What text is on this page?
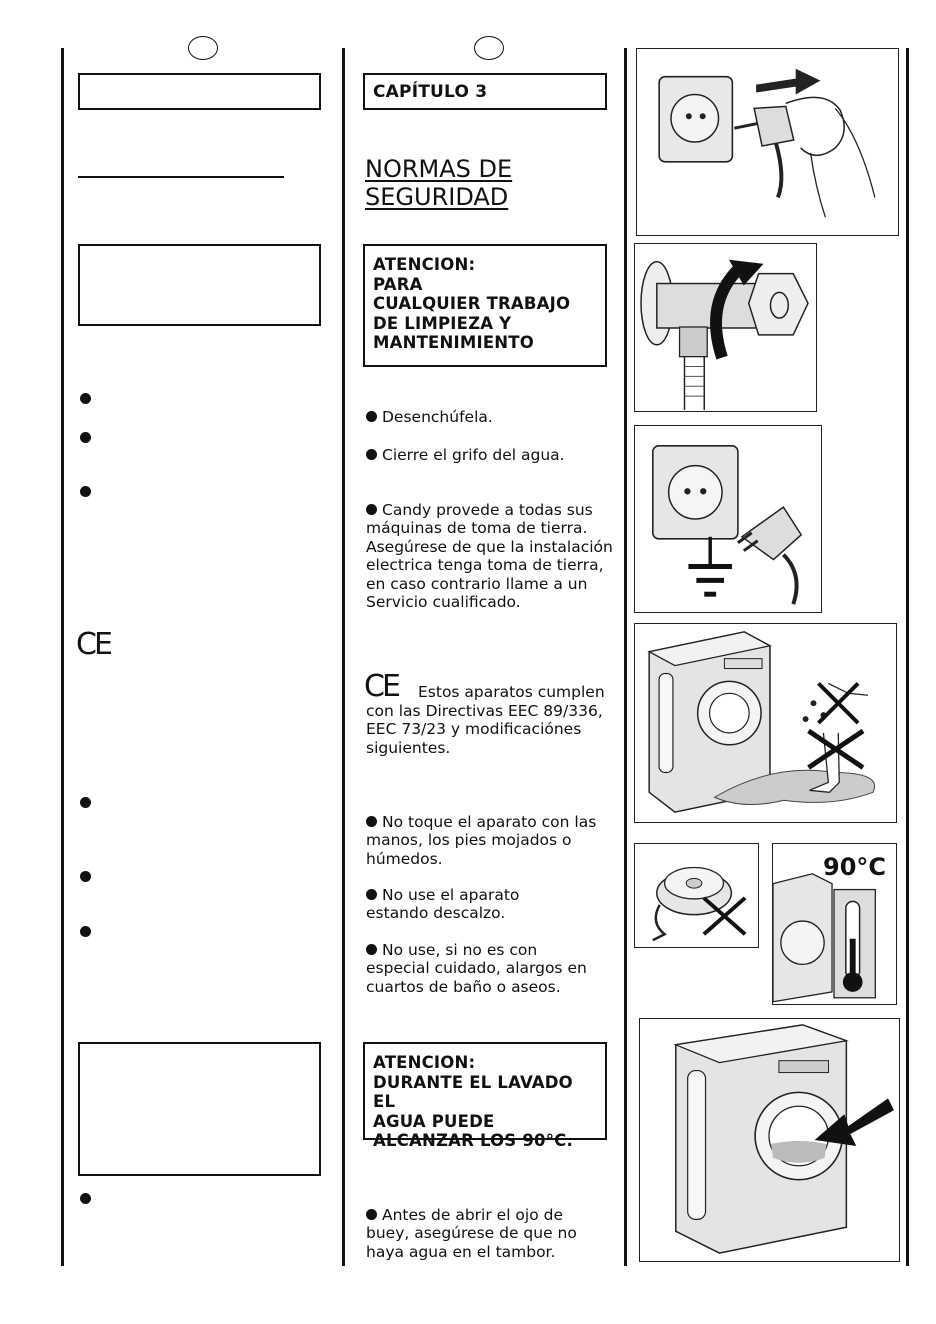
CE
CAPÍTULO 3
NORMAS DE SEGURIDAD
ATENCION:
PARA
CUALQUIER TRABAJO
DE LIMPIEZA Y
MANTENIMIENTO

Desenchúfela.

Cierre el grifo del agua.

Candy provede a todas sus máquinas de toma de tierra.
Asegúrese de que la instalación electrica tenga toma de tierra, en caso contrario llame a un Servicio cualificado.

CE	Estos aparatos cumplen con las Directivas EEC 89/336, EEC 73/23 y modificaciónes siguientes.

No toque el aparato con las manos, los pies mojados o húmedos.

No use el aparato estando descalzo.

No use, si no es con especial cuidado, alargos en cuartos de baño o aseos.

ATENCION:
DURANTE EL LAVADO EL
AGUA PUEDE
ALCANZAR LOS 90°C.

Antes de abrir el ojo de buey, asegúrese de que no haya agua en el tambor.

90°C
